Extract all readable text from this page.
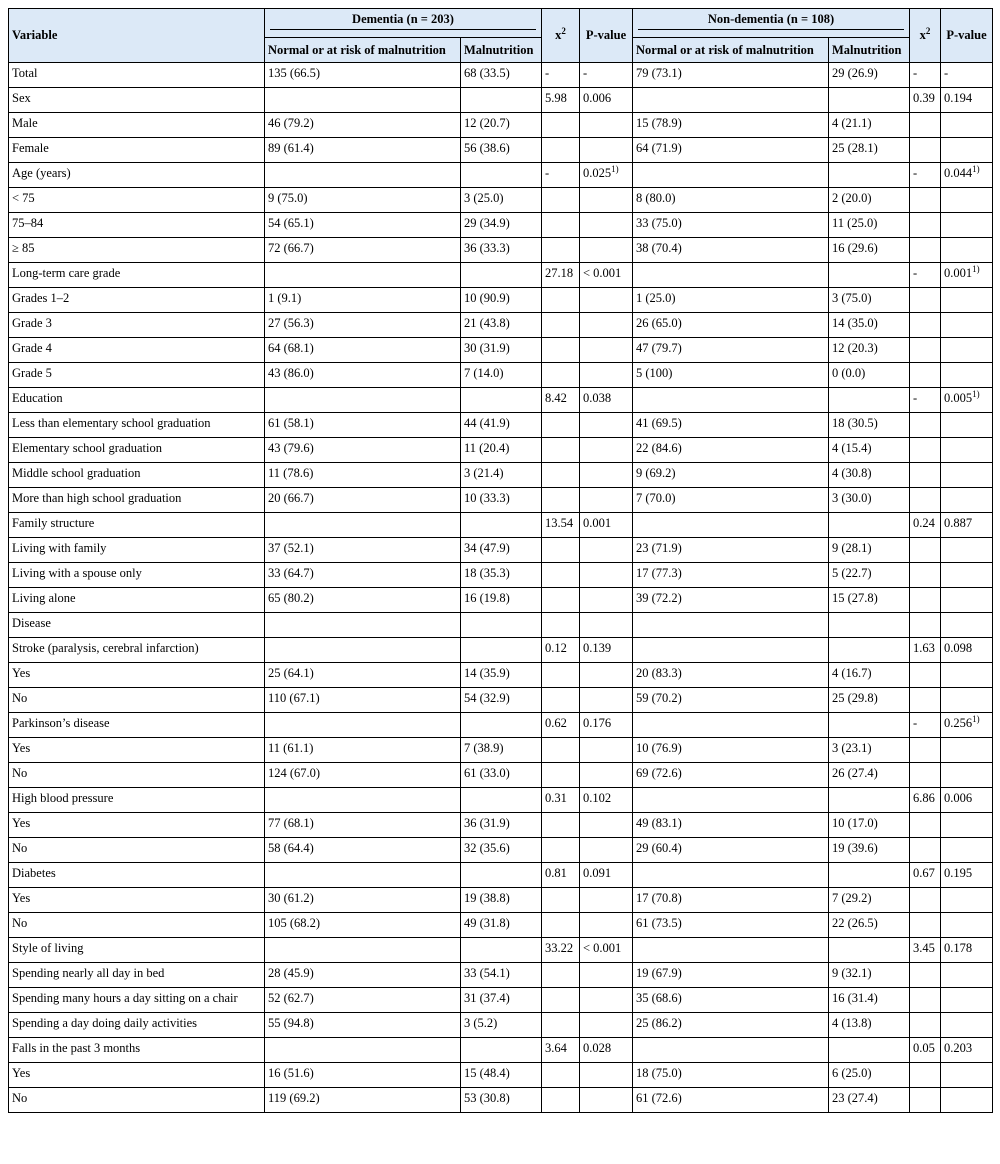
Variable	Dementia (n = 203)		$x^2$	P-value	Non-dementia (n = 108)		$x^2$	P-value
	Normal or at risk of malnutrition	Malnutrition			Normal or at risk of malnutrition	Malnutrition		
Total	135 (66.5)	68 (33.5)	-	-	79 (73.1)	29 (26.9)	-	-
Sex			5.98	0.006			0.39	0.194
Male	46 (79.2)	12 (20.7)			15 (78.9)	4 (21.1)		
Female	89 (61.4)	56 (38.6)			64 (71.9)	25 (28.1)		
Age (years)			-	0.025$^{1)}$			-	$0.044^{1)}$
< 75	9 (75.0)	3 (25.0)			8 (80.0)	2 (20.0)		
75–84	54 (65.1)	29 (34.9)			33 (75.0)	11 (25.0)		
≥ 85	72 (66.7)	36 (33.3)			38 (70.4)	16 (29.6)		
Long-term care grade			27.18	< 0.001			-	0.001$^{1)}$
Grades 1–2	1 (9.1)	10 (90.9)			1 (25.0)	3 (75.0)		
Grade 3	27 (56.3)	21 (43.8)			26 (65.0)	14 (35.0)		
Grade 4	64 (68.1)	30 (31.9)			47 (79.7)	12 (20.3)		
Grade 5	43 (86.0)	7 (14.0)			5 (100)	0 (0.0)		
Education			8.42	0.038			-	0.005$^{1)}$
Less than elementary school graduation	61 (58.1)	44 (41.9)			41 (69.5)	18 (30.5)		
Elementary school graduation	43 (79.6)	11 (20.4)			22 (84.6)	4 (15.4)		
Middle school graduation	11 (78.6)	3 (21.4)			9 (69.2)	4 (30.8)		
More than high school graduation	20 (66.7)	10 (33.3)			7 (70.0)	3 (30.0)		
Family structure			13.54	0.001			0.24	0.887
Living with family	37 (52.1)	34 (47.9)			23 (71.9)	9 (28.1)		
Living with a spouse only	33 (64.7)	18 (35.3)			17 (77.3)	5 (22.7)		
Living alone	65 (80.2)	16 (19.8)			39 (72.2)	15 (27.8)		
Disease								
Stroke (paralysis, cerebral infarction)			0.12	0.139			1.63	0.098
Yes	25 (64.1)	14 (35.9)			20 (83.3)	4 (16.7)		
No	110 (67.1)	54 (32.9)			59 (70.2)	25 (29.8)		
Parkinson’s disease			0.62	0.176			-	0.256$^{1)}$
Yes	11 (61.1)	7 (38.9)			10 (76.9)	3 (23.1)		
No	124 (67.0)	61 (33.0)			69 (72.6)	26 (27.4)		
High blood pressure			0.31	0.102			6.86	0.006
Yes	77 (68.1)	36 (31.9)			49 (83.1)	10 (17.0)		
No	58 (64.4)	32 (35.6)			29 (60.4)	19 (39.6)		
Diabetes			0.81	0.091			0.67	0.195
Yes	30 (61.2)	19 (38.8)			17 (70.8)	7 (29.2)		
No	105 (68.2)	49 (31.8)			61 (73.5)	22 (26.5)		
Style of living			33.22	< 0.001			3.45	0.178
Spending nearly all day in bed	28 (45.9)	33 (54.1)			19 (67.9)	9 (32.1)		
Spending many hours a day sitting on a chair	52 (62.7)	31 (37.4)			35 (68.6)	16 (31.4)		
Spending a day doing daily activities	55 (94.8)	3 (5.2)			25 (86.2)	4 (13.8)		
Falls in the past 3 months			3.64	0.028			0.05	0.203
Yes	16 (51.6)	15 (48.4)			18 (75.0)	6 (25.0)		
No	119 (69.2)	53 (30.8)			61 (72.6)	23 (27.4)		
